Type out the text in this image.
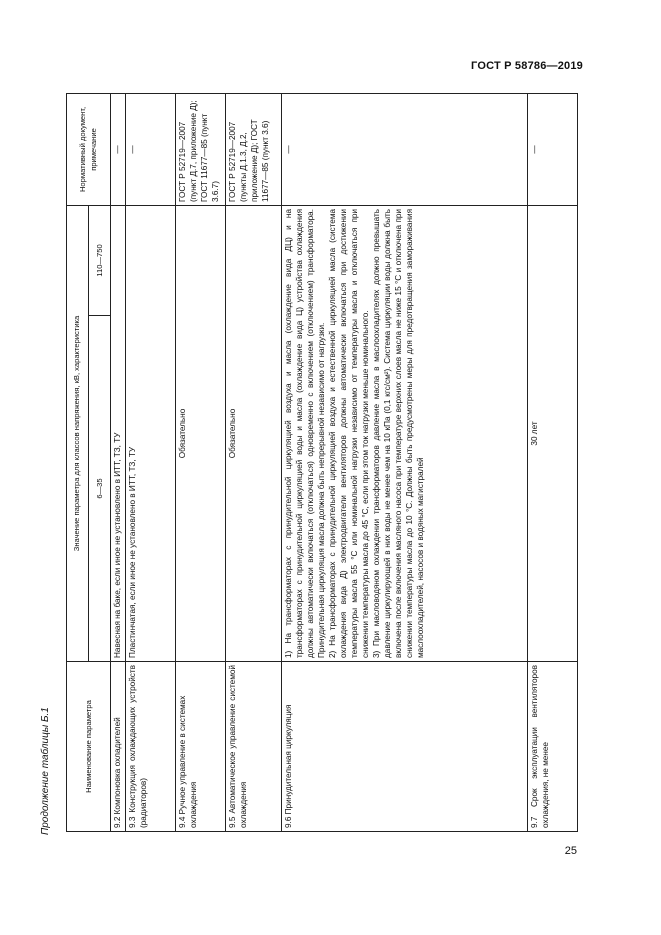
ГОСТ Р 58786—2019
Продолжение таблицы Б.1	Наименование параметра	Значение параметра для классов напряжения, кВ, характеристика		Нормативный документ, примечание
	6—35	110—750	
9.2 Компоновка охладителей	Навесная на баке, если иное не установлено в ИТТ, ТЗ, ТУ		—
9.3 Конструкция охлаждающих устройств (радиаторов)	Пластинчатая, если иное не установлено в ИТТ, ТЗ, ТУ		—
9.4 Ручное управление в системах охлаждения	Обязательно		ГОСТ Р 52719—2007 (пункт Д.7, приложение Д); ГОСТ 11677—85 (пункт 3.6.7)
9.5 Автоматическое управление системой охлаждения	Обязательно		ГОСТ Р 52719—2007 (пункты Д.1.3, Д.2, приложение Д); ГОСТ 11677—85 (пункт 3.6)
9.6 Принудительная циркуляция	1) На трансформаторах с принудительной циркуляцией воздуха и масла (охлаждение вида ДЦ) и на трансформаторах с принудительной циркуляцией воды и масла (охлаждение вида Ц) устройства охлаждения должны автоматически включаться (отключаться) одновременно с включением (отключением) трансформатора. Принудительная циркуляция масла должна быть непрерывной независимо от нагрузки. 2) На трансформаторах с принудительной циркуляцией воздуха и естественной циркуляцией масла (система охлаждения вида Д) электродвигатели вентиляторов должны автоматически включаться при достижении температуры масла 55 °С или номинальной нагрузки независимо от температуры масла и отключаться при снижении температуры масла до 45 °С, если при этом ток нагрузки меньше номинального. 3) При масловодяном охлаждении трансформаторов давление масла в маслоохладителях должно превышать давление циркулирующей в них воды не менее чем на 10 кПа (0,1 кгс/см²). Система циркуляции воды должна быть включена после включения масляного насоса при температуре верхних слоев масла не ниже 15 °С и отключена при снижении температуры масла до 10 °С. Должны быть предусмотрены меры для предотвращения замораживания маслоохладителей, насосов и водяных магистралей		—
9.7 Срок эксплуатации вентиляторов охлаждения, не менее	30 лет		—
25
